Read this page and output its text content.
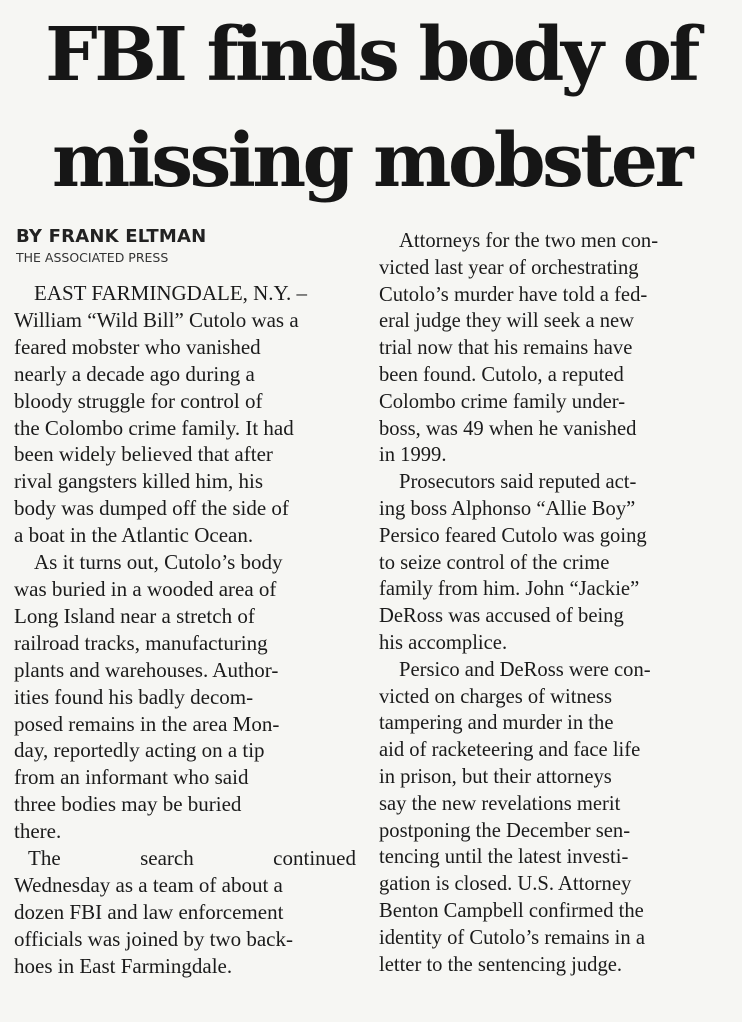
FBI finds body of
missing mobster
BY FRANK ELTMAN
THE ASSOCIATED PRESS

EAST FARMINGDALE, N.Y. –
William “Wild Bill” Cutolo was a
feared mobster who vanished
nearly a decade ago during a
bloody struggle for control of
the Colombo crime family. It had
been widely believed that after
rival gangsters killed him, his
body was dumped off the side of
a boat in the Atlantic Ocean.

As it turns out, Cutolo’s body
was buried in a wooded area of
Long Island near a stretch of
railroad tracks, manufacturing
plants and warehouses. Author-
ities found his badly decom-
posed remains in the area Mon-
day, reportedly acting on a tip
from an informant who said
three bodies may be buried
there.

The	search	continued
Wednesday as a team of about a
dozen FBI and law enforcement
officials was joined by two back-
hoes in East Farmingdale.

Attorneys for the two men con-
victed last year of orchestrating
Cutolo’s murder have told a fed-
eral judge they will seek a new
trial now that his remains have
been found. Cutolo, a reputed
Colombo crime family under-
boss, was 49 when he vanished
in 1999.

Prosecutors said reputed act-
ing boss Alphonso “Allie Boy”
Persico feared Cutolo was going
to seize control of the crime
family from him. John “Jackie”
DeRoss was accused of being
his accomplice.

Persico and DeRoss were con-
victed on charges of witness
tampering and murder in the
aid of racketeering and face life
in prison, but their attorneys
say the new revelations merit
postponing the December sen-
tencing until the latest investi-
gation is closed. U.S. Attorney
Benton Campbell confirmed the
identity of Cutolo’s remains in a
letter to the sentencing judge.
